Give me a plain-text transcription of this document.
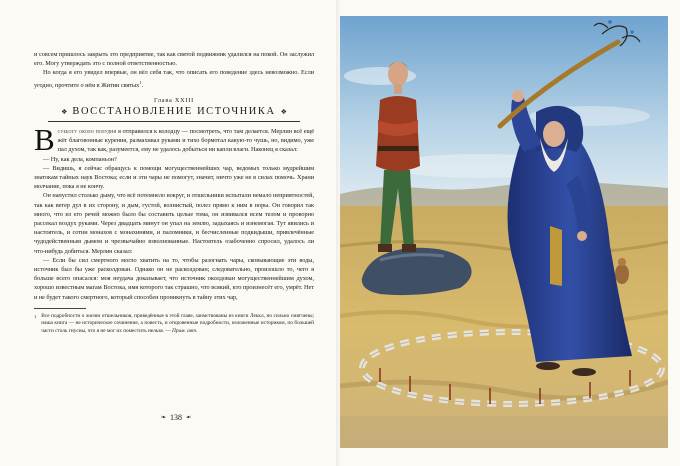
и совсем пришлось закрыть это предприятие, так как святой подвижник удалился на покой. Он заслужил его. Могу утверждать это с полной ответственностью.

Но когда я его увидел впервые, он вёл себя так, что описать его поведение здесь невозможно. Если угодно, прочтите о нём в Житии святых$^1$.

Глава XXIII
❖ ВОССТАНОВЛЕНИЕ ИСТОЧНИКА ❖

В субботу около полудня я отправился к колодцу — посмотреть, что там делается. Мерлин всё ещё жёг благовонные курения, размахивал руками и тихо бормотал какую-то чушь, но, видимо, уже пал духом, так как, разумеется, ему не удалось добыться ни капли влаги. Наконец я сказал:

— Ну, как дела, компаньон?

— Видишь, я сейчас обращусь к помощи могущественнейших чар, ведомых только мудрейшим знатокам тайных наук Востока; если и эти чары не помогут, значит, ничто уже не в силах помочь. Храни молчание, пока я не кончу.

Он напустил столько дыму, что всё потемнело вокруг, и отшельники испытали немало неприятностей, так как ветер дул в их сторону, и дым, густой, волнистый, полез прямо к ним в норы. Он говорил так много, что из его речей можно было бы составить целые тома, он извивался всем телом и проворно рассекал воздух руками. Через двадцать минут он упал на землю, задыхаясь и изнемогая. Тут явились и настоятель, и сотни монахов с монахинями, и паломники, и бесчисленные подкидыши, привлечённые чудодейственным дымом и чрезвычайно взволнованные. Настоятель озабоченно спросил, удалось ли что-нибудь добиться. Мерлин сказал:

— Если бы сил смертного могло хватить на то, чтобы разогнать чары, сковывающие эти воды, источник был бы уже расколдован. Однако он не расколдован; следовательно, произошло то, чего я больше всего опасался: моя неудача доказывает, что источник околдован могущественнейшим духом, хорошо известным магам Востока, имя которого так страшно, что всякий, кто произнесёт его, умрёт. Нет и не будет такого смертного, который способен проникнуть в тайну этих чар,

1 Все подробности о жизни отшельников, приведённые в этой главе, заимствованы из книги Леккл, но сильно смягчены; наша книга — не историческое сочинение, а повесть, и откровенные подробности, изложенные историком, по большей части столь гнусны, что я не мог их поместить нельзя. — Прим. авт.
❧ 138 ❧
